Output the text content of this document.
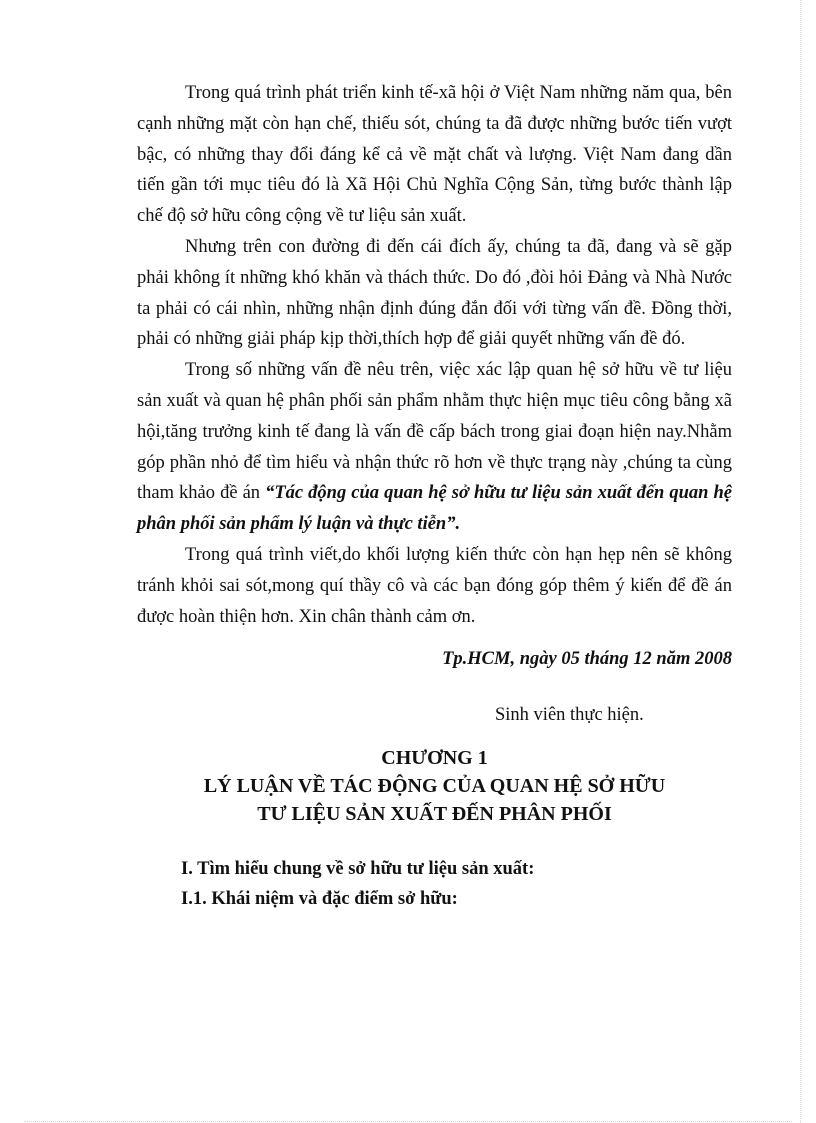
Trong quá trình phát triển kinh tế-xã hội ở Việt Nam những năm qua, bên cạnh những mặt còn hạn chế, thiếu sót, chúng ta đã được những bước tiến vượt bậc, có những thay đổi đáng kể cả về mặt chất và lượng. Việt Nam đang dần tiến gần tới mục tiêu đó là Xã Hội Chủ Nghĩa Cộng Sản, từng bước thành lập chế độ sở hữu công cộng về tư liệu sản xuất.

Nhưng trên con đường đi đến cái đích ấy, chúng ta đã, đang và sẽ gặp phải không ít những khó khăn và thách thức. Do đó ,đòi hỏi Đảng và Nhà Nước ta phải có cái nhìn, những nhận định đúng đắn đối với từng vấn đề. Đồng thời, phải có những giải pháp kịp thời,thích hợp để giải quyết những vấn đề đó.

Trong số những vấn đề nêu trên, việc xác lập quan hệ sở hữu về tư liệu sản xuất và quan hệ phân phối sản phẩm nhằm thực hiện mục tiêu công bằng xã hội,tăng trưởng kinh tế đang là vấn đề cấp bách trong giai đoạn hiện nay.Nhằm góp phần nhỏ để tìm hiểu và nhận thức rõ hơn về thực trạng này ,chúng ta cùng tham khảo đề án “Tác động của quan hệ sở hữu tư liệu sản xuất đến quan hệ phân phối sản phẩm lý luận và thực tiễn”.

Trong quá trình viết,do khối lượng kiến thức còn hạn hẹp nên sẽ không tránh khỏi sai sót,mong quí thầy cô và các bạn đóng góp thêm ý kiến để đề án được hoàn thiện hơn. Xin chân thành cảm ơn.

Tp.HCM, ngày 05 tháng 12 năm 2008
Sinh viên thực hiện.
CHƯƠNG 1
LÝ LUẬN VỀ TÁC ĐỘNG CỦA QUAN HỆ SỞ HỮU
TƯ LIỆU SẢN XUẤT ĐẾN PHÂN PHỐI
I. Tìm hiểu chung về sở hữu tư liệu sản xuất:
I.1. Khái niệm và đặc điểm sở hữu:
